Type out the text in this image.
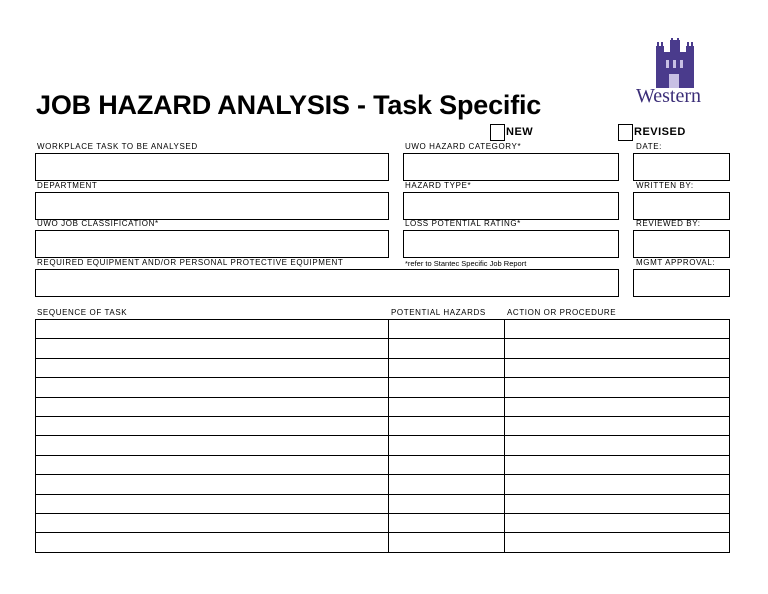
Western
JOB HAZARD ANALYSIS - Task Specific
NEW	REVISED
WORKPLACE TASK TO BE ANALYSED	UWO HAZARD CATEGORY*	DATE:
DEPARTMENT	HAZARD TYPE*	WRITTEN BY:
UWO JOB CLASSIFICATION*	LOSS POTENTIAL RATING*	REVIEWED BY:
REQUIRED EQUIPMENT AND/OR PERSONAL PROTECTIVE EQUIPMENT	*refer to Stantec Specific Job Report	MGMT APPROVAL:
SEQUENCE OF TASK	POTENTIAL HAZARDS	ACTION OR PROCEDURE
